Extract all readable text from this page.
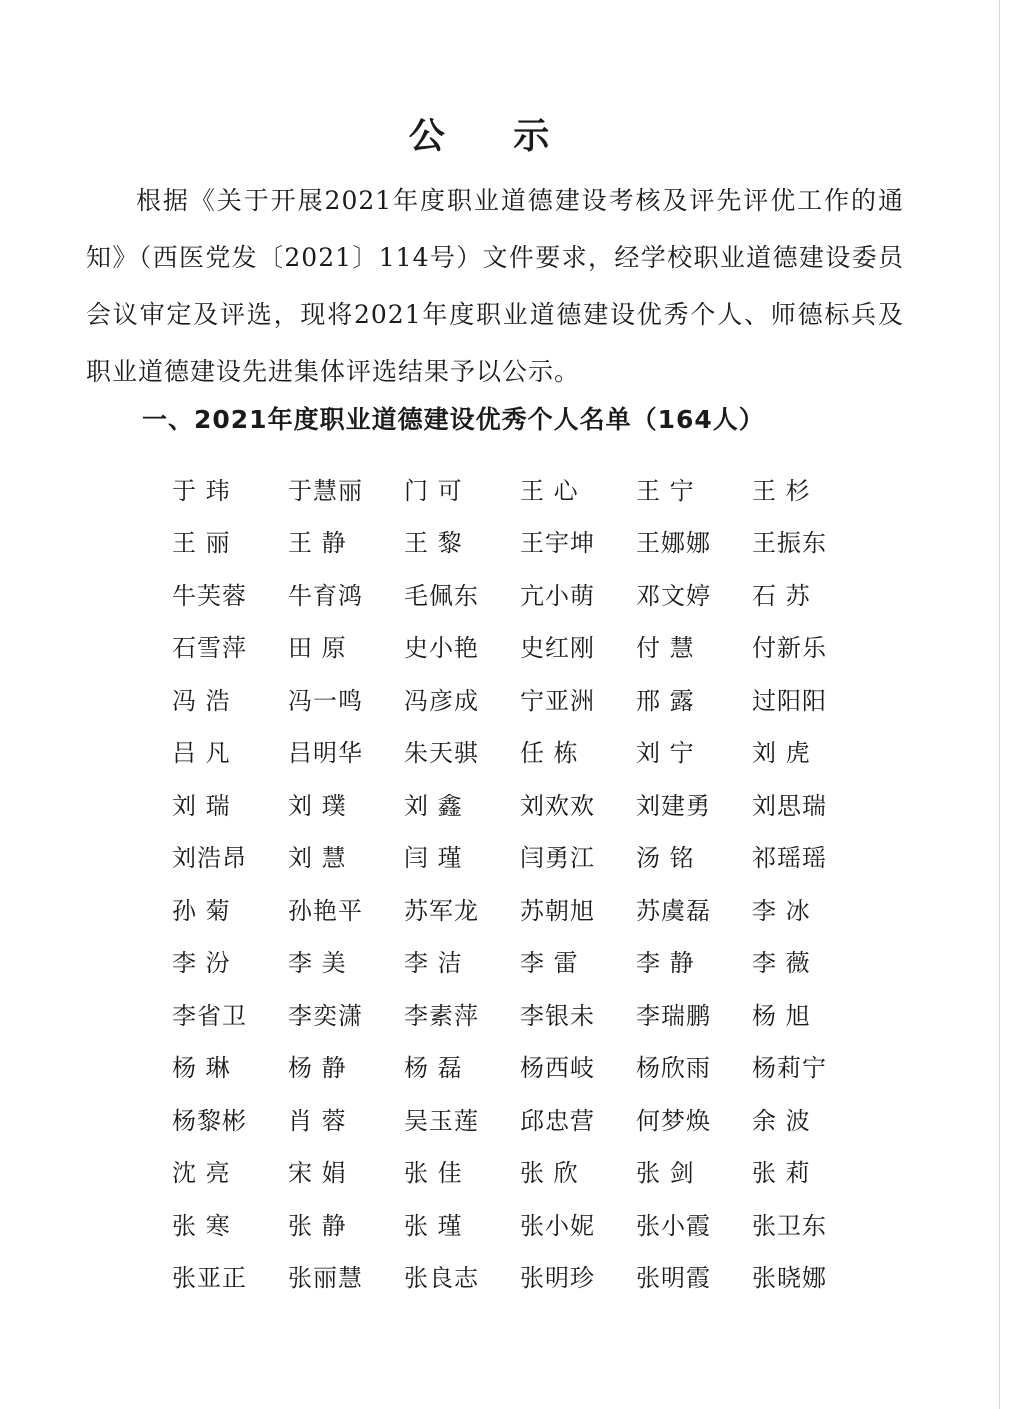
公 示
根据《关于开展2021年度职业道德建设考核及评先评优工作的通知》（西医党发〔2021〕114号）文件要求，经学校职业道德建设委员会议审定及评选，现将2021年度职业道德建设优秀个人、师德标兵及职业道德建设先进集体评选结果予以公示。
一、2021年度职业道德建设优秀个人名单（164人）
于 玮	于慧丽	门 可	王 心	王 宁	王 杉
王 丽	王 静	王 黎	王宇坤	王娜娜	王振东
牛芙蓉	牛育鸿	毛佩东	亢小萌	邓文婷	石 苏
石雪萍	田 原	史小艳	史红刚	付 慧	付新乐
冯 浩	冯一鸣	冯彦成	宁亚洲	邢 露	过阳阳
吕 凡	吕明华	朱天骐	任 栋	刘 宁	刘 虎
刘 瑞	刘 璞	刘 鑫	刘欢欢	刘建勇	刘思瑞
刘浩昂	刘 慧	闫 瑾	闫勇江	汤 铭	祁瑶瑶
孙 菊	孙艳平	苏军龙	苏朝旭	苏虞磊	李 冰
李 汾	李 美	李 洁	李 雷	李 静	李 薇
李省卫	李奕潇	李素萍	李银未	李瑞鹏	杨 旭
杨 琳	杨 静	杨 磊	杨西岐	杨欣雨	杨莉宁
杨黎彬	肖 蓉	吴玉莲	邱忠营	何梦焕	余 波
沈 亮	宋 娟	张 佳	张 欣	张 剑	张 莉
张 寒	张 静	张 瑾	张小妮	张小霞	张卫东
张亚正	张丽慧	张良志	张明珍	张明霞	张晓娜
